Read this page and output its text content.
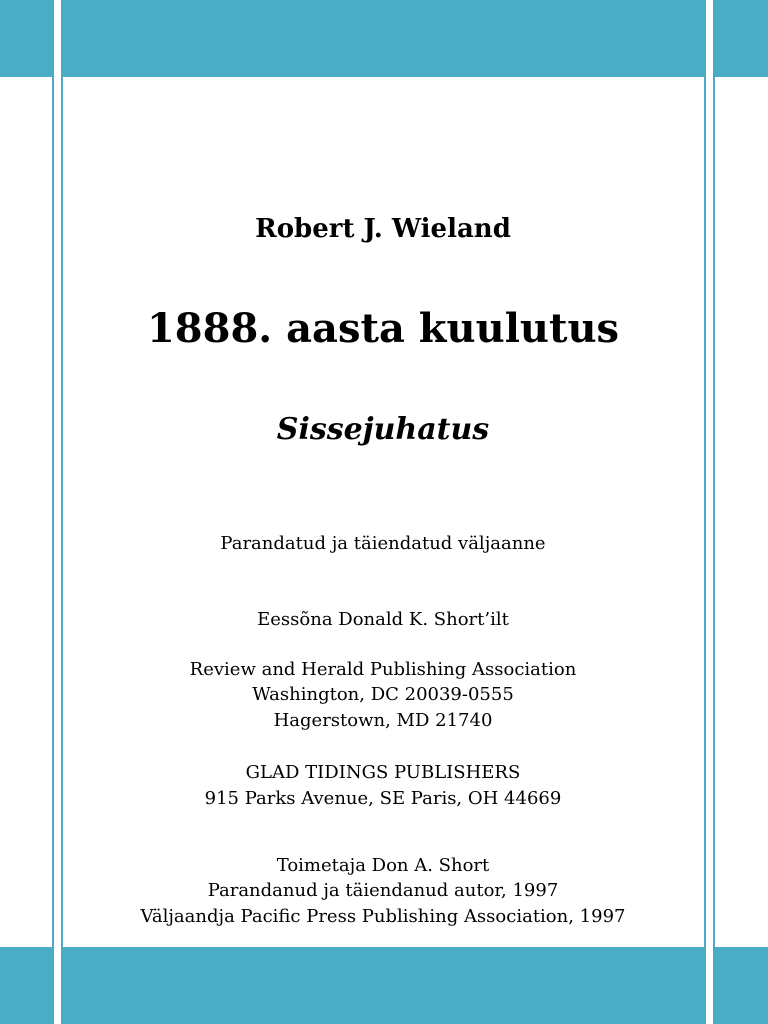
Robert J. Wieland
1888. aasta kuulutus
Sissejuhatus
Parandatud ja täiendatud väljaanne
Eessõna Donald K. Short’ilt
Review and Herald Publishing Association
Washington, DC 20039-0555
Hagerstown, MD 21740
GLAD TIDINGS PUBLISHERS
915 Parks Avenue, SE Paris, OH 44669
Toimetaja Don A. Short
Parandanud ja täiendanud autor, 1997
Väljaandja Pacific Press Publishing Association, 1997
